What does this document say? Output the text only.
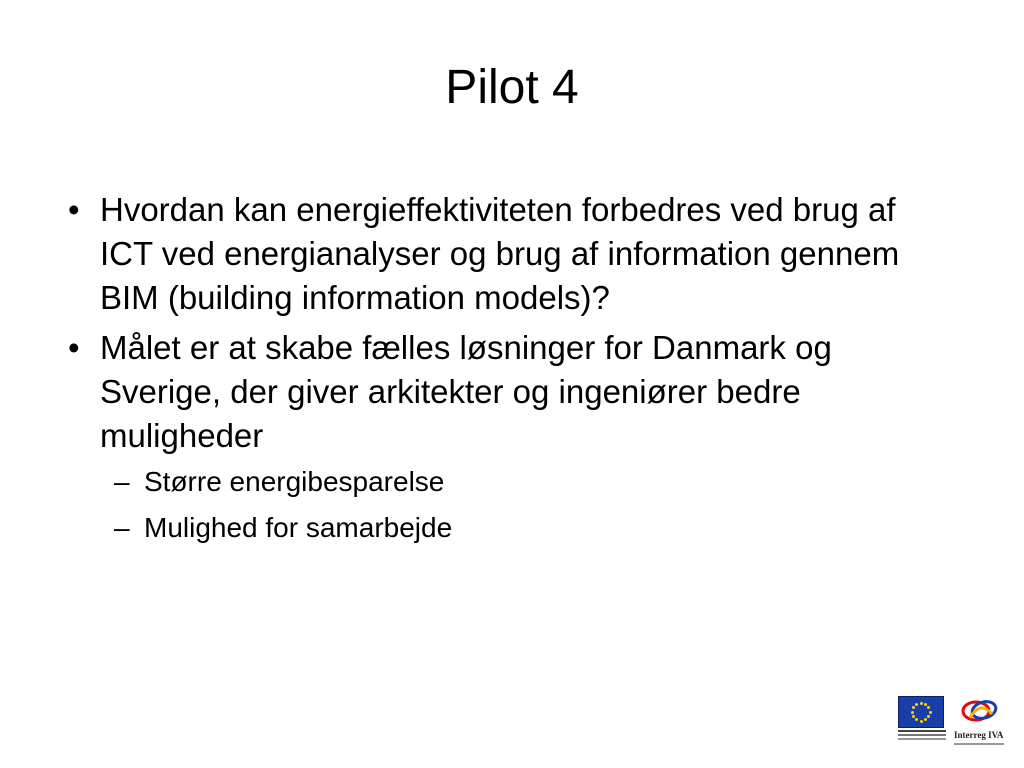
Pilot 4
• Hvordan kan energieffektiviteten forbedres ved brug af ICT ved energianalyser og brug af information gennem BIM (building information models)?
• Målet er at skabe fælles løsninger for Danmark og Sverige, der giver arkitekter og ingeniører bedre muligheder
– Større energibesparelse
– Mulighed for samarbejde
Interreg IVA
